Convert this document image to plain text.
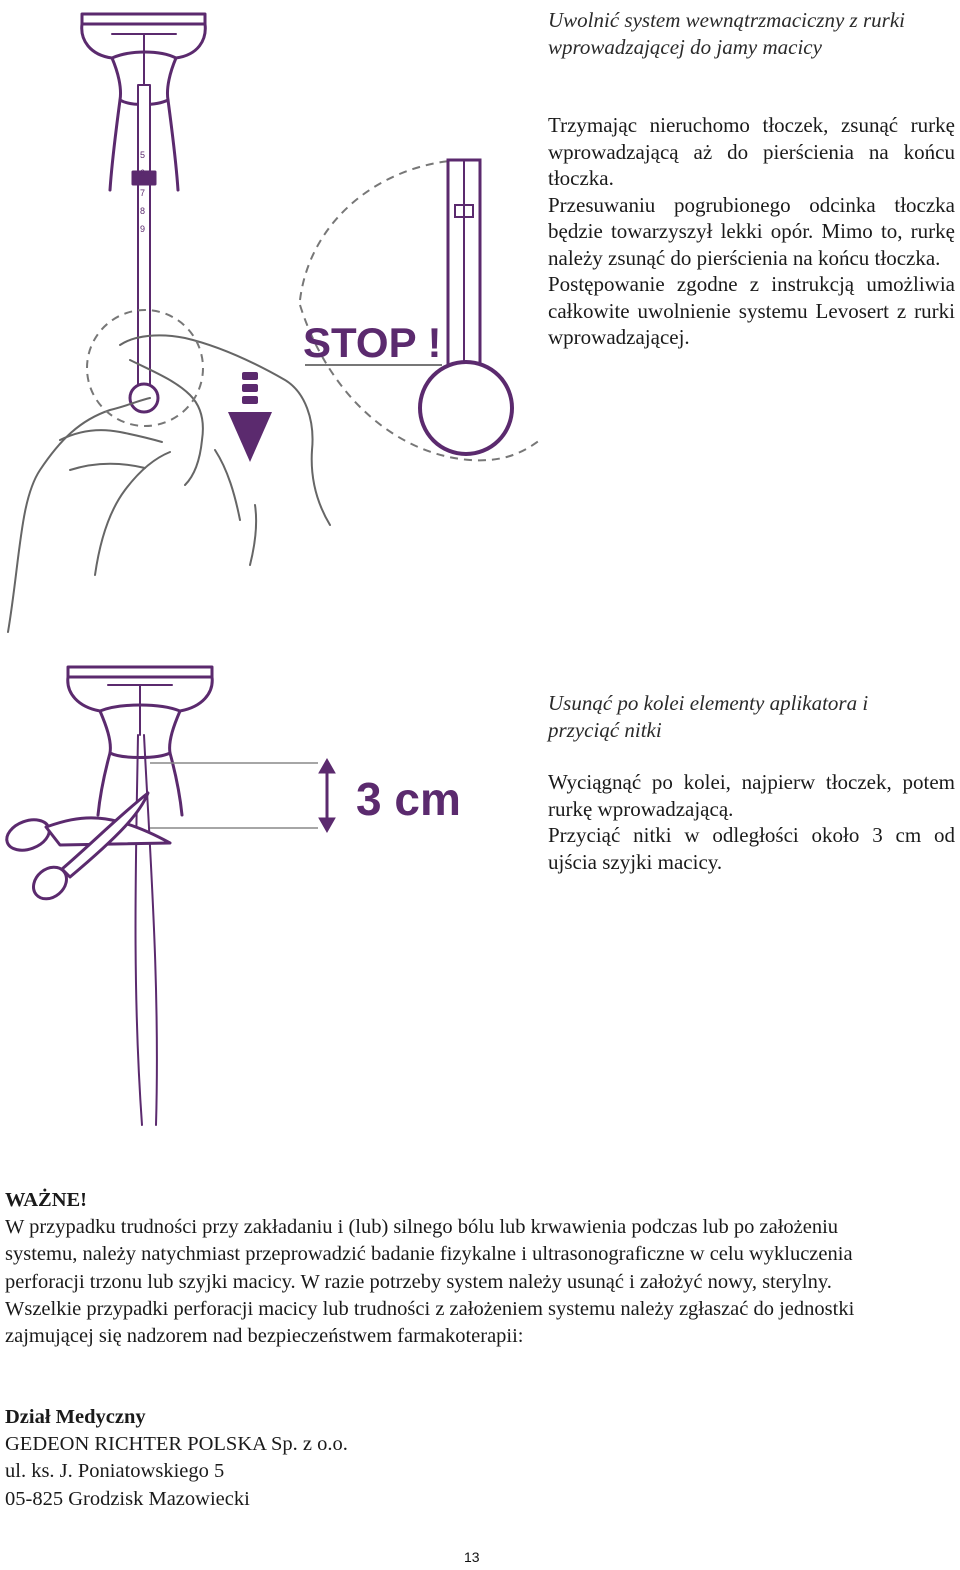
5
6
7
8
9
STOP !
Uwolnić system wewnątrzmaciczny z rurki wprowadzającej do jamy macicy

Trzymając nieruchomo tłoczek, zsunąć rurkę wprowadzającą aż do pierścienia na końcu tłoczka.

Przesuwaniu pogrubionego odcinka tłoczka będzie towarzyszył lekki opór. Mimo to, rurkę należy zsunąć do pierścienia na końcu tłoczka.

Postępowanie zgodne z instrukcją umożliwia całkowite uwolnienie systemu Levosert z rurki wprowadzającej.

3 cm
Usunąć po kolei elementy aplikatora i przyciąć nitki

Wyciągnąć po kolei, najpierw tłoczek, potem rurkę wprowadzającą.

Przyciąć nitki w odległości około 3 cm od ujścia szyjki macicy.

WAŻNE!

W przypadku trudności przy zakładaniu i (lub) silnego bólu lub krwawienia podczas lub po założeniu systemu, należy natychmiast przeprowadzić badanie fizykalne i ultrasonograficzne w celu wykluczenia perforacji trzonu lub szyjki macicy. W razie potrzeby system należy usunąć i założyć nowy, sterylny.

Wszelkie przypadki perforacji macicy lub trudności z założeniem systemu należy zgłaszać do jednostki zajmującej się nadzorem nad bezpieczeństwem farmakoterapii:

Dział Medyczny

GEDEON RICHTER POLSKA Sp. z o.o.

ul. ks. J. Poniatowskiego 5

05-825 Grodzisk Mazowiecki

13
